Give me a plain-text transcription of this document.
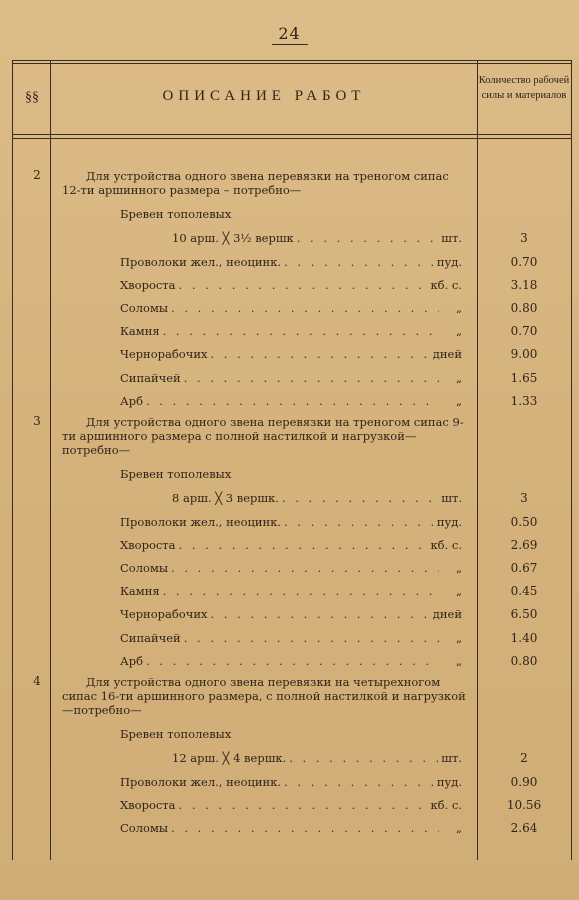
24
§§	ОПИСАНИЕ РАБОТ
Количество рабочей силы и материалов
2	Для устройства одного звена перевязки на треногом сипас 12-ти аршинного размера – потребно—
Бревен тополевых
10 арш. ╳ 3½ вершк . . .	шт.	3
Проволоки жел., неоцинк. . . .	пуд.	0.70
Хвороста . . .	кб. с.	3.18
Соломы . . .	„	0.80
Камня . . .	„	0.70
Чернорабочих . . .	дней	9.00
Сипайчей . . .	„	1.65
Арб . . .	„	1.33
3	Для устройства одного звена перевязки на треногом сипас 9-ти аршинного размера с полной настилкой и нагрузкой—потребно—
Бревен тополевых
8 арш. ╳ 3 вершк. . . .	шт.	3
Проволоки жел., неоцинк. . . .	пуд.	0.50
Хвороста . . .	кб. с.	2.69
Соломы . . .	„	0.67
Камня . . .	„	0.45
Чернорабочих . . .	дней	6.50
Сипайчей . . .	„	1.40
Арб . . .	„	0.80
4	Для устройства одного звена перевязки на четырехногом сипас 16-ти аршинного размера, с полной настилкой и нагрузкой—потребно—
Бревен тополевых
12 арш. ╳ 4 вершк. . . .	шт.	2
Проволоки жел., неоцинк. . . .	пуд.	0.90
Хвороста . . .	кб. с.	10.56
Соломы . . .	„	2.64
